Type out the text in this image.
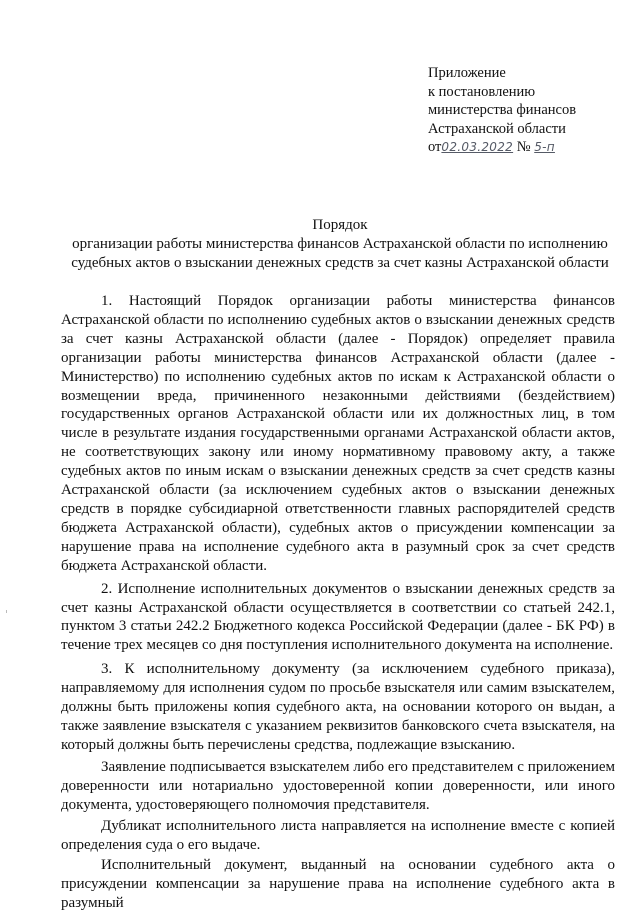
Приложение
к постановлению
министерства финансов
Астраханской области
от02.03.2022 № 5-п
Порядок
организации работы министерства финансов Астраханской области по исполнению
судебных актов о взыскании денежных средств за счет казны Астраханской области

1. Настоящий Порядок организации работы министерства финансов Астраханской области по исполнению судебных актов о взыскании денежных средств за счет казны Астраханской области (далее - Порядок) определяет правила организации работы министерства финансов Астраханской области (далее - Министерство) по исполнению судебных актов по искам к Астраханской области о возмещении вреда, причиненного незаконными действиями (бездействием) государственных органов Астраханской области или их должностных лиц, в том числе в результате издания государственными органами Астраханской области актов, не соответствующих закону или иному нормативному правовому акту, а также судебных актов по иным искам о взыскании денежных средств за счет средств казны Астраханской области (за исключением судебных актов о взыскании денежных средств в порядке субсидиарной ответственности главных распорядителей средств бюджета Астраханской области), судебных актов о присуждении компенсации за нарушение права на исполнение судебного акта в разумный срок за счет средств бюджета Астраханской области.

2. Исполнение исполнительных документов о взыскании денежных средств за счет казны Астраханской области осуществляется в соответствии со статьей 242.1, пунктом 3 статьи 242.2 Бюджетного кодекса Российской Федерации (далее - БК РФ) в течение трех месяцев со дня поступления исполнительного документа на исполнение.

3. К исполнительному документу (за исключением судебного приказа), направляемому для исполнения судом по просьбе взыскателя или самим взыскателем, должны быть приложены копия судебного акта, на основании которого он выдан, а также заявление взыскателя с указанием реквизитов банковского счета взыскателя, на который должны быть перечислены средства, подлежащие взысканию.

Заявление подписывается взыскателем либо его представителем с приложением доверенности или нотариально удостоверенной копии доверенности, или иного документа, удостоверяющего полномочия представителя.

Дубликат исполнительного листа направляется на исполнение вместе с копией определения суда о его выдаче.

Исполнительный документ, выданный на основании судебного акта о присуждении компенсации за нарушение права на исполнение судебного акта в разумный
